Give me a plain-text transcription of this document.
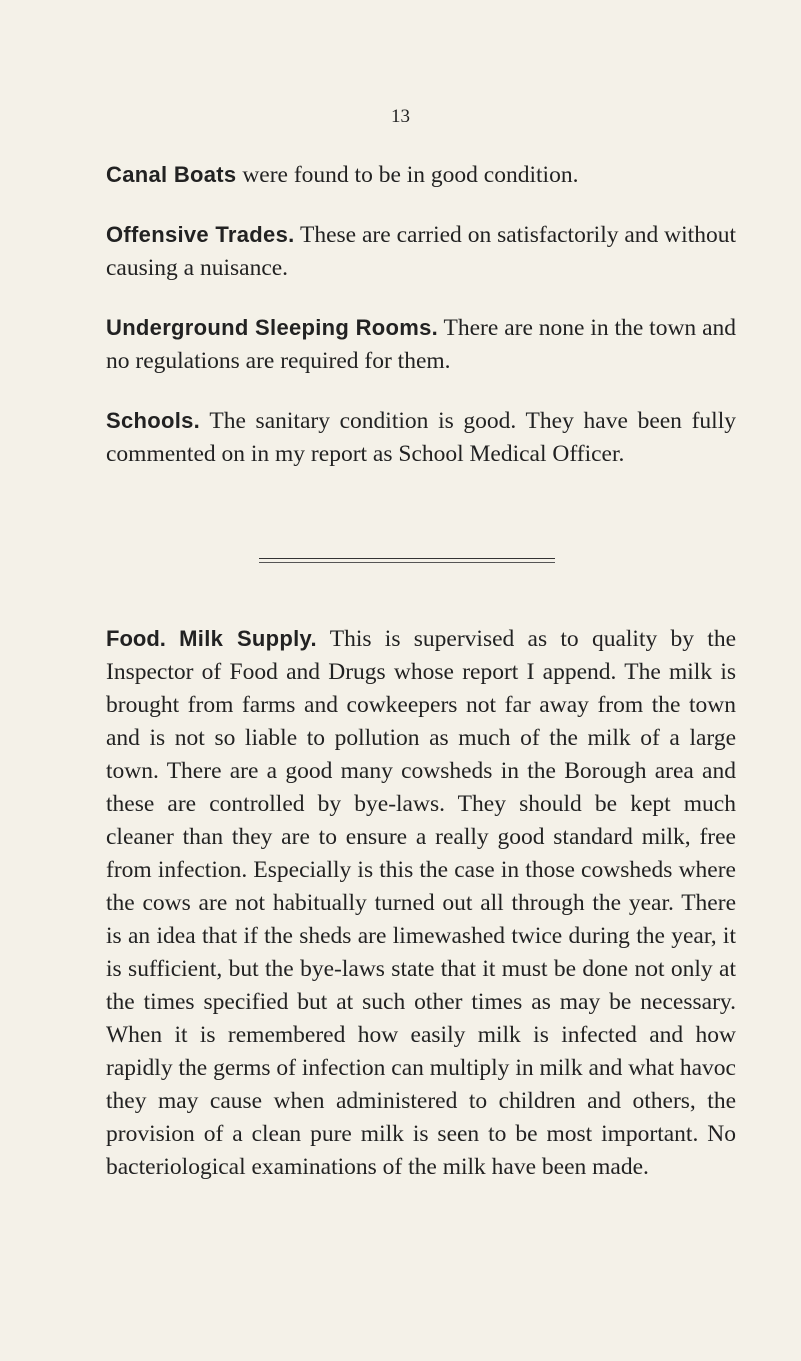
13

Canal Boats were found to be in good condition.

Offensive Trades. These are carried on satisfactorily and without causing a nuisance.

Underground Sleeping Rooms. There are none in the town and no regulations are required for them.

Schools. The sanitary condition is good. They have been fully commented on in my report as School Medical Officer.

Food. Milk Supply. This is supervised as to quality by the Inspector of Food and Drugs whose report I append. The milk is brought from farms and cowkeepers not far away from the town and is not so liable to pollution as much of the milk of a large town. There are a good many cowsheds in the Borough area and these are controlled by bye-laws. They should be kept much cleaner than they are to ensure a really good standard milk, free from infection. Especially is this the case in those cowsheds where the cows are not habitually turned out all through the year. There is an idea that if the sheds are limewashed twice during the year, it is sufficient, but the bye-laws state that it must be done not only at the times specified but at such other times as may be necessary. When it is remembered how easily milk is infected and how rapidly the germs of infection can multiply in milk and what havoc they may cause when administered to children and others, the provision of a clean pure milk is seen to be most important. No bacteriological examinations of the milk have been made.
